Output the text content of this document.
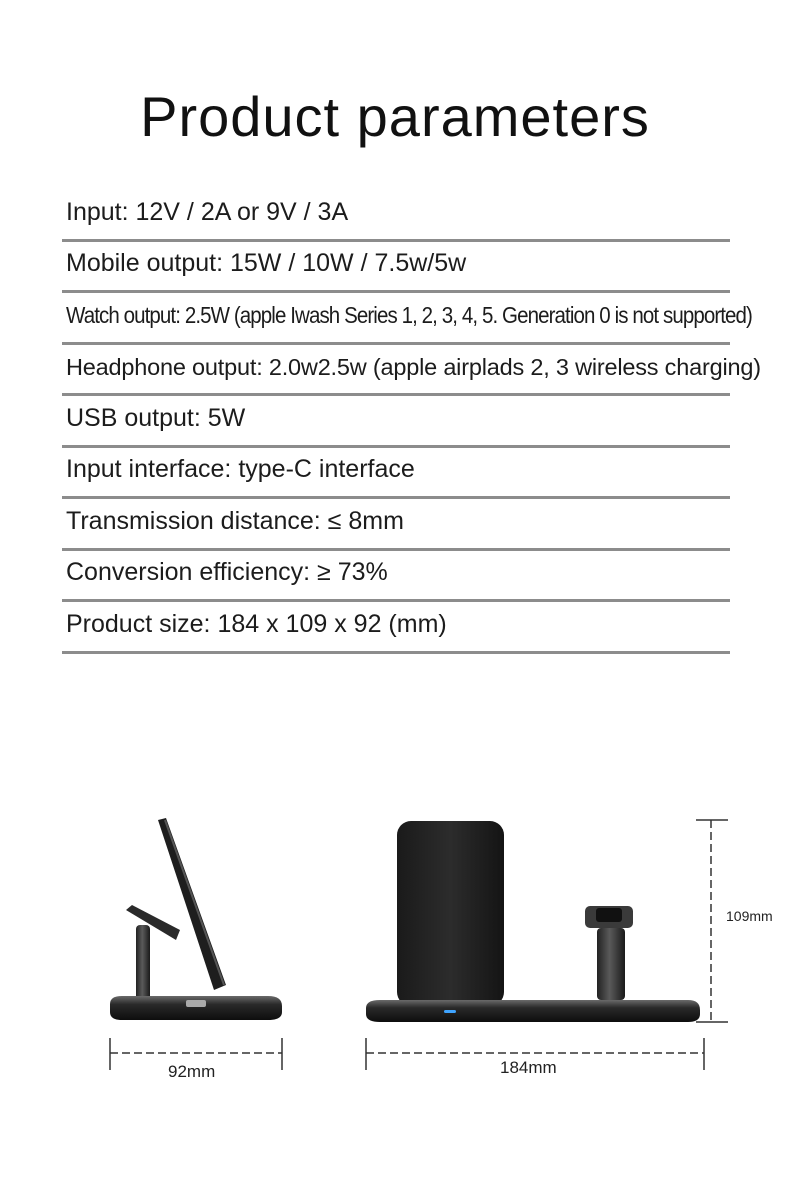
Product parameters
Input: 12V / 2A or 9V / 3A
Mobile output: 15W / 10W / 7.5w/5w
Watch output: 2.5W (apple Iwash Series 1, 2, 3, 4, 5. Generation 0 is not supported)
Headphone output: 2.0w2.5w (apple airplads 2, 3 wireless charging)
USB output: 5W
Input interface: type-C interface
Transmission distance: ≤ 8mm
Conversion efficiency: ≥ 73%
Product size: 184 x 109 x 92 (mm)
92mm	184mm
109mm
